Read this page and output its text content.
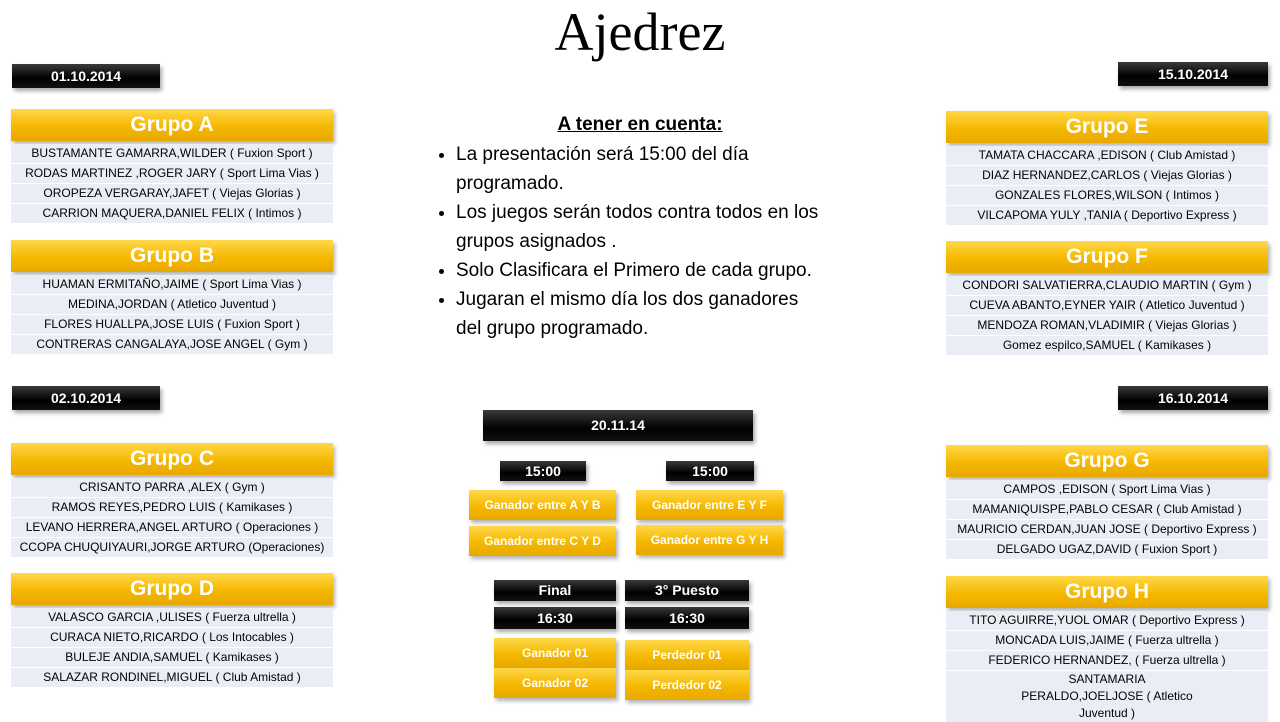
Ajedrez
01.10.2014
02.10.2014
15.10.2014
16.10.2014
Grupo A
BUSTAMANTE GAMARRA,WILDER ( Fuxion Sport )
RODAS MARTINEZ ,ROGER JARY ( Sport Lima Vias )
OROPEZA VERGARAY,JAFET ( Viejas Glorias )
CARRION MAQUERA,DANIEL FELIX ( Intimos )
Grupo B
HUAMAN ERMITAÑO,JAIME ( Sport Lima Vias )
MEDINA,JORDAN ( Atletico Juventud )
FLORES HUALLPA,JOSE LUIS ( Fuxion Sport )
CONTRERAS CANGALAYA,JOSE ANGEL ( Gym )
Grupo C
CRISANTO PARRA ,ALEX ( Gym )
RAMOS REYES,PEDRO LUIS ( Kamikases )
LEVANO HERRERA,ANGEL ARTURO ( Operaciones )
CCOPA CHUQUIYAURI,JORGE ARTURO (Operaciones)
Grupo D
VALASCO GARCIA ,ULISES ( Fuerza ultrella )
CURACA NIETO,RICARDO ( Los Intocables )
BULEJE ANDIA,SAMUEL ( Kamikases )
SALAZAR RONDINEL,MIGUEL ( Club Amistad )
Grupo E
TAMATA CHACCARA ,EDISON ( Club Amistad )
DIAZ HERNANDEZ,CARLOS ( Viejas Glorias )
GONZALES FLORES,WILSON ( Intimos )
VILCAPOMA YULY ,TANIA ( Deportivo Express )
Grupo F
CONDORI SALVATIERRA,CLAUDIO MARTIN ( Gym )
CUEVA ABANTO,EYNER YAIR ( Atletico Juventud )
MENDOZA ROMAN,VLADIMIR ( Viejas Glorias )
Gomez espilco,SAMUEL ( Kamikases )
Grupo G
CAMPOS ,EDISON ( Sport Lima Vias )
MAMANIQUISPE,PABLO CESAR ( Club Amistad )
MAURICIO CERDAN,JUAN JOSE ( Deportivo Express )
DELGADO UGAZ,DAVID ( Fuxion Sport )
Grupo H
TITO AGUIRRE,YUOL OMAR ( Deportivo Express )
MONCADA LUIS,JAIME ( Fuerza ultrella )
FEDERICO HERNANDEZ, ( Fuerza ultrella )
SANTAMARIA PERALDO,JOELJOSE ( Atletico Juventud )
A tener en cuenta:
• La presentación será 15:00 del día programado.
• Los juegos serán todos contra todos en los grupos asignados .
• Solo Clasificara el Primero de cada grupo.
• Jugaran el mismo día los dos ganadores del grupo programado.
20.11.14
15:00	15:00
Ganador entre A Y B
Ganador entre C Y D
Ganador entre E Y F
Ganador entre G Y H
Final	3° Puesto
16:30	16:30
Ganador 01
Ganador 02
Perdedor 01
Perdedor 02
